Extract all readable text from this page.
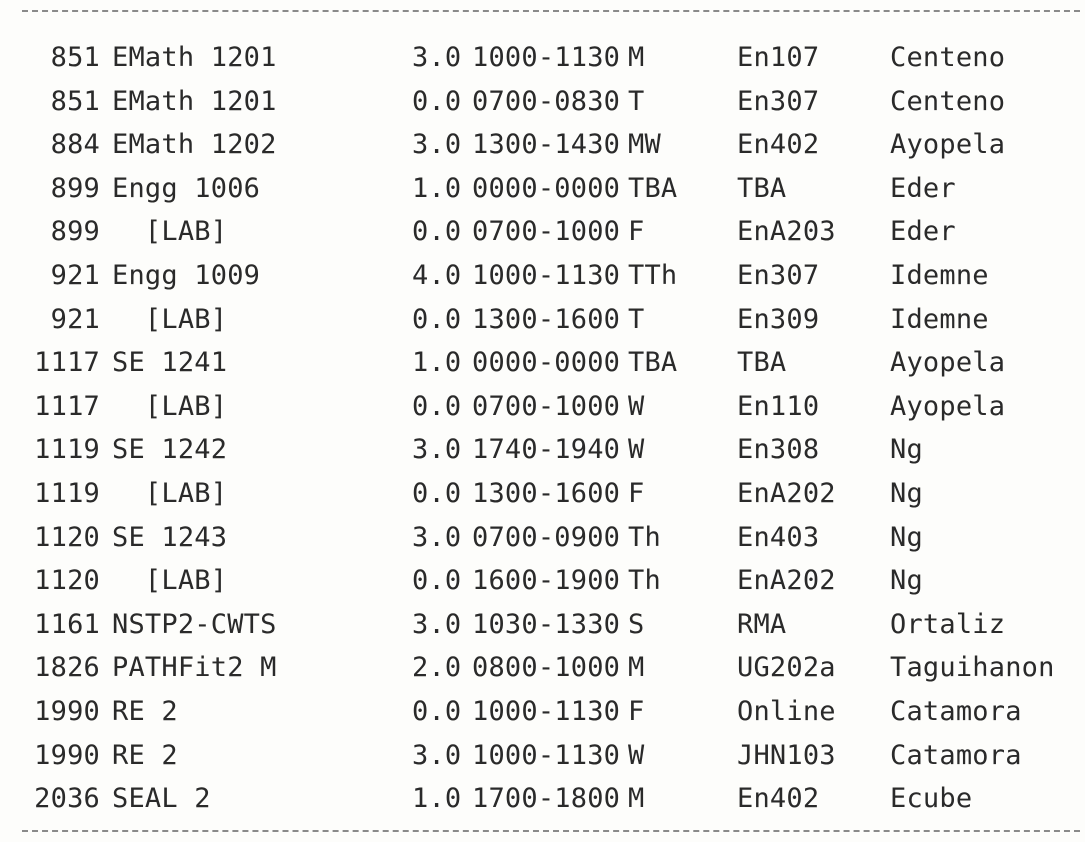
851 EMath 1201	3.0 1000-1130 M	En107	Centeno
851 EMath 1201	0.0 0700-0830 T	En307	Centeno
884 EMath 1202	3.0 1300-1430 MW	En402	Ayopela
899 Engg 1006	1.0 0000-0000 TBA TBA	Eder
899 [LAB]	0.0 0700-1000 F	EnA203 Eder
921 Engg 1009	4.0 1000-1130 TTh En307	Idemne
921 [LAB]	0.0 1300-1600 T	En309	Idemne
1117 SE 1241	1.0 0000-0000 TBA TBA	Ayopela
1117 [LAB]	0.0 0700-1000 W	En110	Ayopela
1119 SE 1242	3.0 1740-1940 W	En308	Ng
1119 [LAB]	0.0 1300-1600 F	EnA202 Ng
1120 SE 1243	3.0 0700-0900 Th	En403	Ng
1120 [LAB]	0.0 1600-1900 Th	EnA202 Ng
1161 NSTP2-CWTS	3.0 1030-1330 S	RMA	Ortaliz
1826 PATHFit2 M	2.0 0800-1000 M	UG202a Taguihanon
1990 RE 2	0.0 1000-1130 F	Online Catamora
1990 RE 2	3.0 1000-1130 W	JHN103 Catamora
2036 SEAL 2	1.0 1700-1800 M	En402	Ecube
